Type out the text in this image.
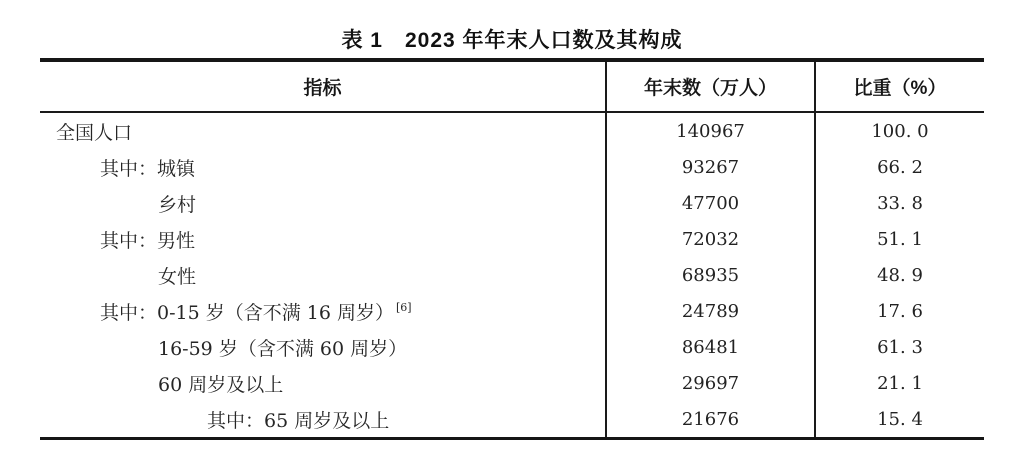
表 1　2023 年年末人口数及其构成
指标	年末数（万人）	比重（%）
全国人口	140967	100. 0
其中：城镇	93267	66. 2
乡村	47700	33. 8
其中：男性	72032	51. 1
女性	68935	48. 9
其中：0-15 岁（含不满 16 周岁） [6]	24789	17. 6
16-59 岁（含不满 60 周岁）	86481	61. 3
60 周岁及以上	29697	21. 1
其中：65 周岁及以上	21676	15. 4
